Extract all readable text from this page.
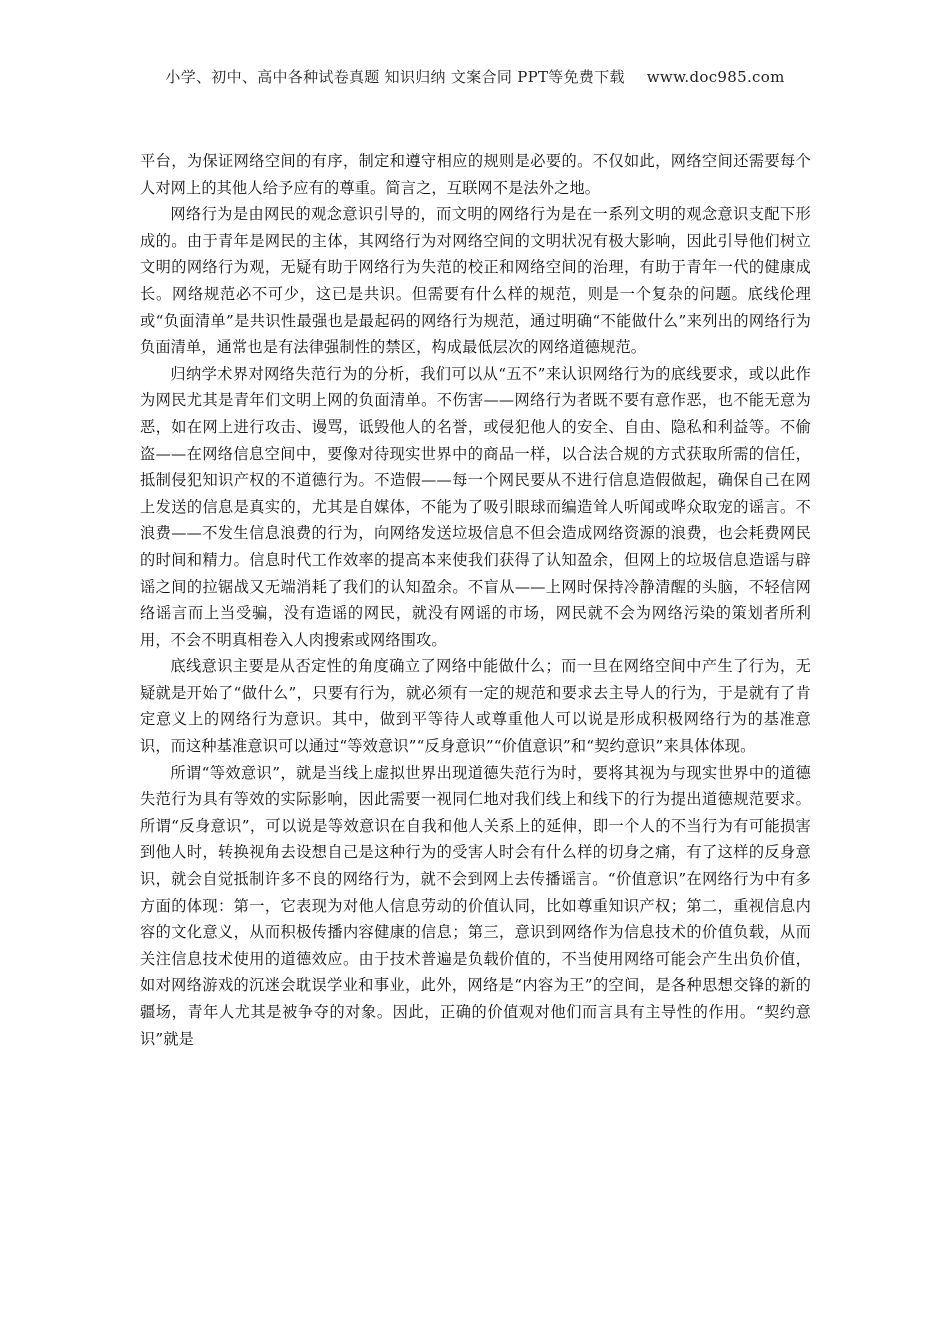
小学、初中、高中各种试卷真题 知识归纳 文案合同 PPT等免费下载 www.doc985.com

平台，为保证网络空间的有序，制定和遵守相应的规则是必要的。不仅如此，网络空间还需要每个人对网上的其他人给予应有的尊重。简言之，互联网不是法外之地。

网络行为是由网民的观念意识引导的，而文明的网络行为是在一系列文明的观念意识支配下形成的。由于青年是网民的主体，其网络行为对网络空间的文明状况有极大影响，因此引导他们树立文明的网络行为观，无疑有助于网络行为失范的校正和网络空间的治理，有助于青年一代的健康成长。网络规范必不可少，这已是共识。但需要有什么样的规范，则是一个复杂的问题。底线伦理或“负面清单”是共识性最强也是最起码的网络行为规范，通过明确“不能做什么”来列出的网络行为负面清单，通常也是有法律强制性的禁区，构成最低层次的网络道德规范。

归纳学术界对网络失范行为的分析，我们可以从“五不”来认识网络行为的底线要求，或以此作为网民尤其是青年们文明上网的负面清单。不伤害——网络行为者既不要有意作恶，也不能无意为恶，如在网上进行攻击、谩骂，诋毁他人的名誉，或侵犯他人的安全、自由、隐私和利益等。不偷盗——在网络信息空间中，要像对待现实世界中的商品一样，以合法合规的方式获取所需的信任，抵制侵犯知识产权的不道德行为。不造假——每一个网民要从不进行信息造假做起，确保自己在网上发送的信息是真实的，尤其是自媒体，不能为了吸引眼球而编造耸人听闻或哗众取宠的谣言。不浪费——不发生信息浪费的行为，向网络发送垃圾信息不但会造成网络资源的浪费，也会耗费网民的时间和精力。信息时代工作效率的提高本来使我们获得了认知盈余，但网上的垃圾信息造谣与辟谣之间的拉锯战又无端消耗了我们的认知盈余。不盲从——上网时保持冷静清醒的头脑，不轻信网络谣言而上当受骗，没有造谣的网民，就没有网谣的市场，网民就不会为网络污染的策划者所利用，不会不明真相卷入人肉搜索或网络围攻。

底线意识主要是从否定性的角度确立了网络中能做什么；而一旦在网络空间中产生了行为，无疑就是开始了“做什么”，只要有行为，就必须有一定的规范和要求去主导人的行为，于是就有了肯定意义上的网络行为意识。其中，做到平等待人或尊重他人可以说是形成积极网络行为的基准意识，而这种基准意识可以通过“等效意识”“反身意识”“价值意识”和“契约意识”来具体体现。

所谓“等效意识”，就是当线上虚拟世界出现道德失范行为时，要将其视为与现实世界中的道德失范行为具有等效的实际影响，因此需要一视同仁地对我们线上和线下的行为提出道德规范要求。所谓“反身意识”，可以说是等效意识在自我和他人关系上的延伸，即一个人的不当行为有可能损害到他人时，转换视角去设想自己是这种行为的受害人时会有什么样的切身之痛，有了这样的反身意识，就会自觉抵制许多不良的网络行为，就不会到网上去传播谣言。“价值意识”在网络行为中有多方面的体现：第一，它表现为对他人信息劳动的价值认同，比如尊重知识产权；第二，重视信息内容的文化意义，从而积极传播内容健康的信息；第三，意识到网络作为信息技术的价值负载，从而关注信息技术使用的道德效应。由于技术普遍是负载价值的，不当使用网络可能会产生出负价值，如对网络游戏的沉迷会耽误学业和事业，此外，网络是“内容为王”的空间，是各种思想交锋的新的疆场，青年人尤其是被争夺的对象。因此，正确的价值观对他们而言具有主导性的作用。“契约意识”就是
